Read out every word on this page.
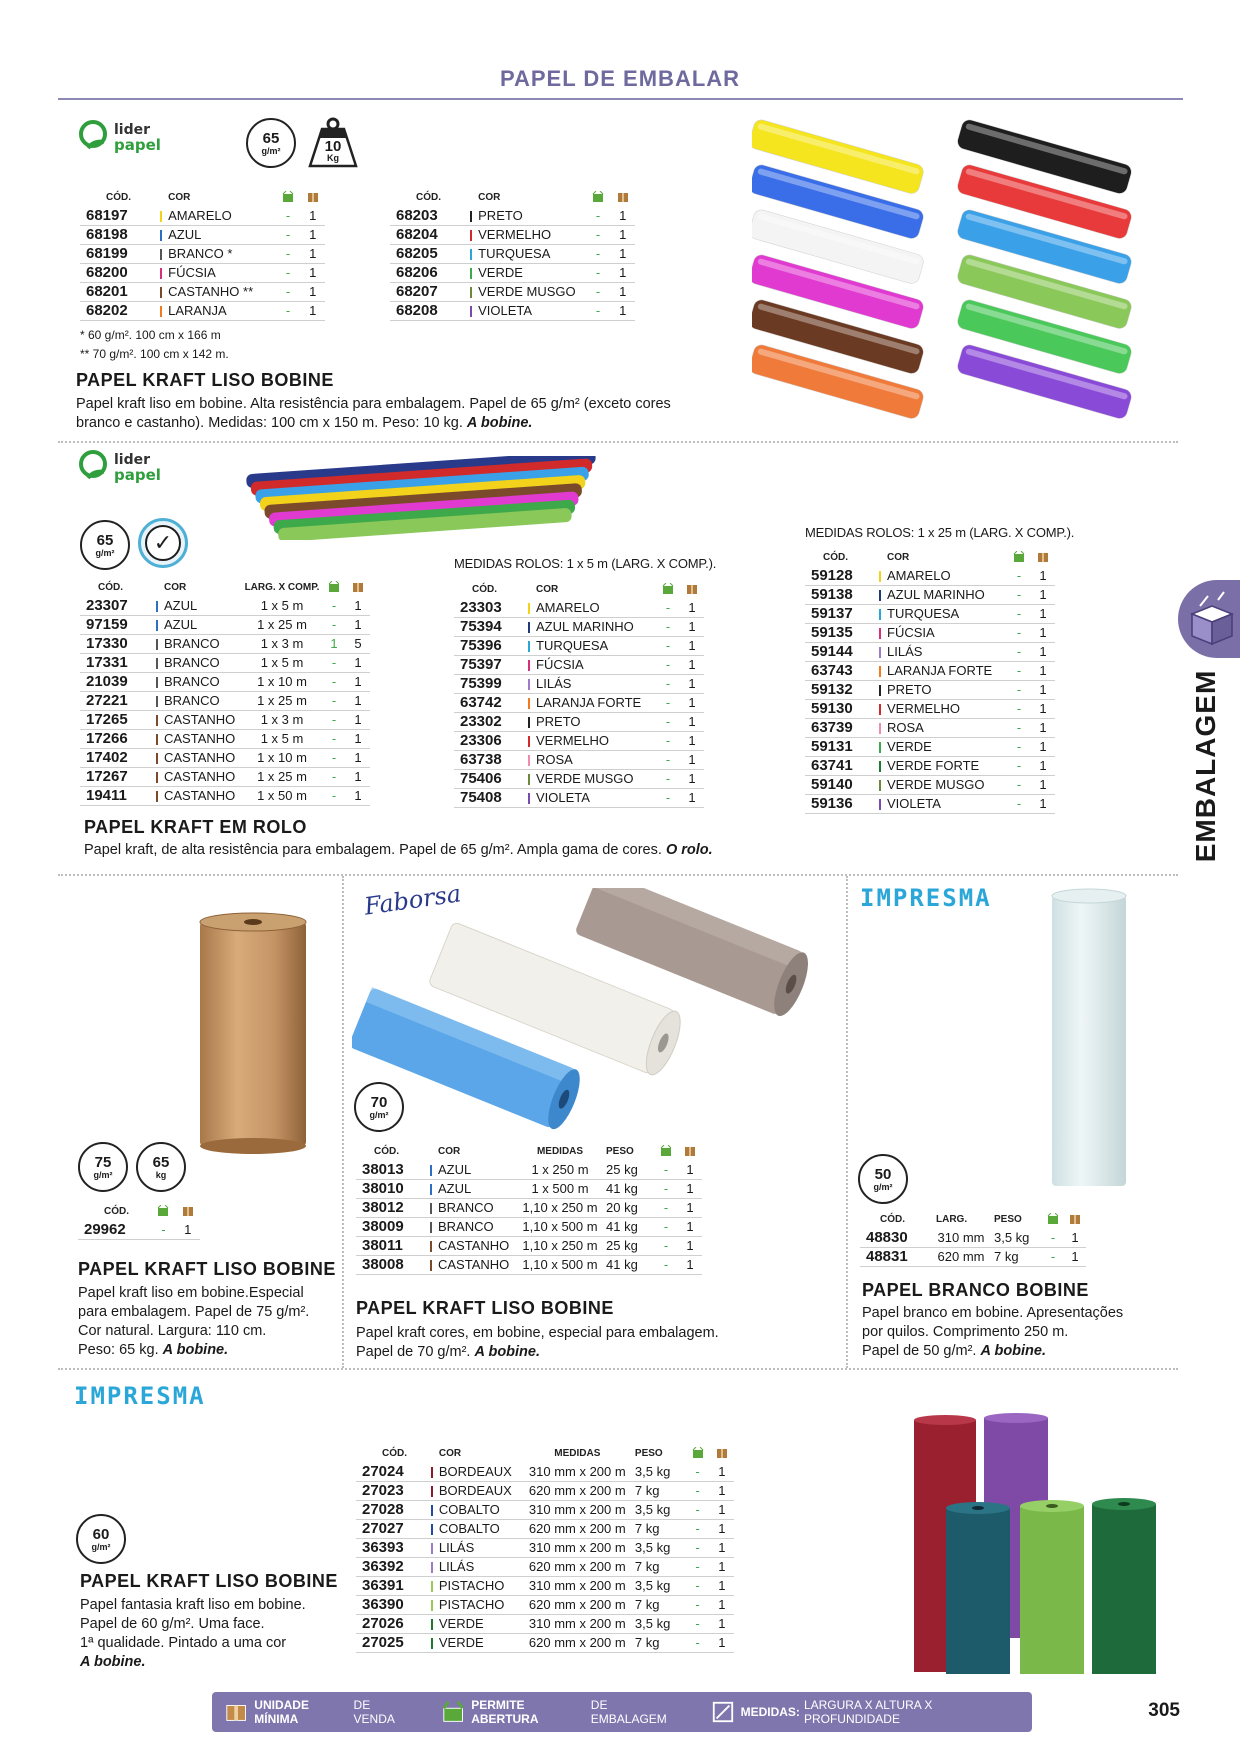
PAPEL DE EMBALAR
EMBALAGEM
lider
papel	65
g/m²	10
Kg
CÓD.		COR		
68197		AMARELO	-	1
68198		AZUL	-	1
68199		BRANCO *	-	1
68200		FÚCSIA	-	1
68201		CASTANHO **	-	1
68202		LARANJA	-	1
CÓD.		COR		
68203		PRETO	-	1
68204		VERMELHO	-	1
68205		TURQUESA	-	1
68206		VERDE	-	1
68207		VERDE MUSGO	-	1
68208		VIOLETA	-	1
* 60 g/m². 100 cm x 166 m
** 70 g/m². 100 cm x 142 m.
PAPEL KRAFT LISO BOBINE
Papel kraft liso em bobine. Alta resistência para embalagem. Papel de 65 g/m² (exceto cores
branco e castanho). Medidas: 100 cm x 150 m. Peso: 10 kg. A bobine.
lider
papel
65
g/m²	✓
CÓD.		COR	LARG. X COMP.		
23307		AZUL	1 x 5 m	-	1
97159		AZUL	1 x 25 m	-	1
17330		BRANCO	1 x 3 m	1	5
17331		BRANCO	1 x 5 m	-	1
21039		BRANCO	1 x 10 m	-	1
27221		BRANCO	1 x 25 m	-	1
17265		CASTANHO	1 x 3 m	-	1
17266		CASTANHO	1 x 5 m	-	1
17402		CASTANHO	1 x 10 m	-	1
17267		CASTANHO	1 x 25 m	-	1
19411		CASTANHO	1 x 50 m	-	1
MEDIDAS ROLOS: 1 x 5 m (LARG. X COMP.).
CÓD.		COR		
23303		AMARELO	-	1
75394		AZUL MARINHO	-	1
75396		TURQUESA	-	1
75397		FÚCSIA	-	1
75399		LILÁS	-	1
63742		LARANJA FORTE	-	1
23302		PRETO	-	1
23306		VERMELHO	-	1
63738		ROSA	-	1
75406		VERDE MUSGO	-	1
75408		VIOLETA	-	1
MEDIDAS ROLOS: 1 x 25 m (LARG. X COMP.).
CÓD.		COR		
59128		AMARELO	-	1
59138		AZUL MARINHO	-	1
59137		TURQUESA	-	1
59135		FÚCSIA	-	1
59144		LILÁS	-	1
63743		LARANJA FORTE	-	1
59132		PRETO	-	1
59130		VERMELHO	-	1
63739		ROSA	-	1
59131		VERDE	-	1
63741		VERDE FORTE	-	1
59140		VERDE MUSGO	-	1
59136		VIOLETA	-	1
PAPEL KRAFT EM ROLO
Papel kraft, de alta resistência para embalagem. Papel de 65 g/m². Ampla gama de cores. O rolo.
75
g/m²
65
kg
CÓD.		
29962	-	1
PAPEL KRAFT LISO BOBINE
Papel kraft liso em bobine.Especial
para embalagem. Papel de 75 g/m².
Cor natural. Largura: 110 cm.
Peso: 65 kg. A bobine.
Faborsa
70
g/m²
CÓD.		COR	MEDIDAS	PESO		
38013		AZUL	1 x 250 m	25 kg	-	1
38010		AZUL	1 x 500 m	41 kg	-	1
38012		BRANCO	1,10 x 250 m	20 kg	-	1
38009		BRANCO	1,10 x 500 m	41 kg	-	1
38011		CASTANHO	1,10 x 250 m	25 kg	-	1
38008		CASTANHO	1,10 x 500 m	41 kg	-	1
PAPEL KRAFT LISO BOBINE
Papel kraft cores, em bobine, especial para embalagem.
Papel de 70 g/m². A bobine.
IMPRESMA
50
g/m²
CÓD.	LARG.	PESO		
48830	310 mm	3,5 kg	-	1
48831	620 mm	7 kg	-	1
PAPEL BRANCO BOBINE
Papel branco em bobine. Apresentações
por quilos. Comprimento 250 m.
Papel de 50 g/m². A bobine.
IMPRESMA
60
g/m²
PAPEL KRAFT LISO BOBINE
Papel fantasia kraft liso em bobine.
Papel de 60 g/m². Uma face.
1ª qualidade. Pintado a uma cor
A bobine.
CÓD.		COR	MEDIDAS	PESO		
27024		BORDEAUX	310 mm x 200 m	3,5 kg	-	1
27023		BORDEAUX	620 mm x 200 m	7 kg	-	1
27028		COBALTO	310 mm x 200 m	3,5 kg	-	1
27027		COBALTO	620 mm x 200 m	7 kg	-	1
36393		LILÁS	310 mm x 200 m	3,5 kg	-	1
36392		LILÁS	620 mm x 200 m	7 kg	-	1
36391		PISTACHO	310 mm x 200 m	3,5 kg	-	1
36390		PISTACHO	620 mm x 200 m	7 kg	-	1
27026		VERDE	310 mm x 200 m	3,5 kg	-	1
27025		VERDE	620 mm x 200 m	7 kg	-	1
UNIDADE MÍNIMA
DE VENDA
PERMITE ABERTURA
DE EMBALAGEM	MEDIDAS: LARGURA X ALTURA X PROFUNDIDADE	305
